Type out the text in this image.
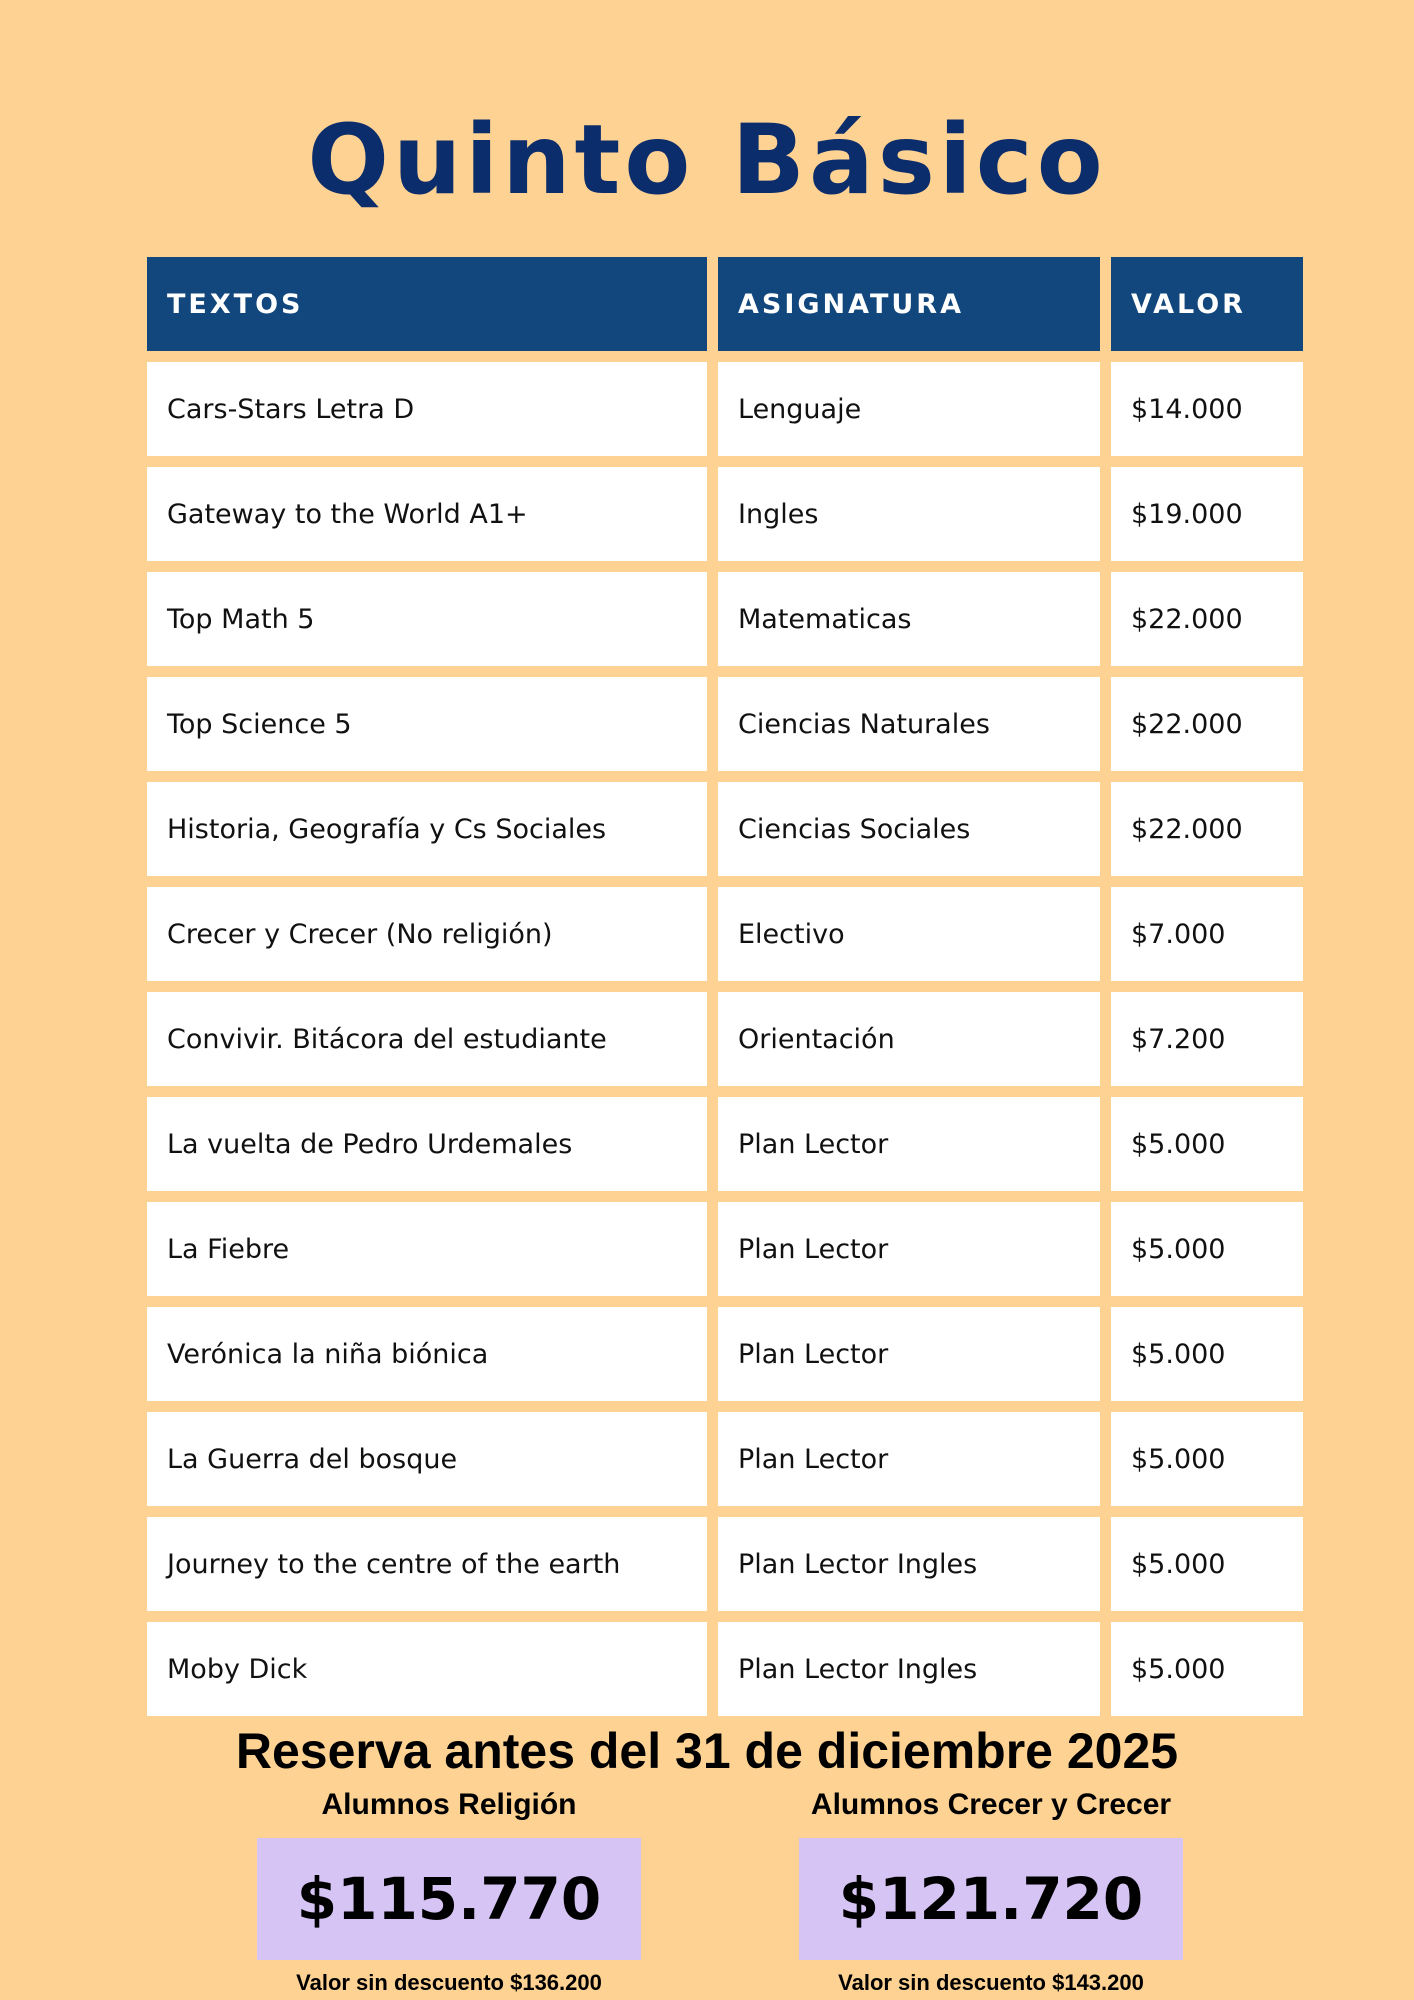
Quinto Básico
TEXTOS	ASIGNATURA	VALOR
Cars-Stars Letra D	Lenguaje	$14.000
Gateway to the World A1+	Ingles	$19.000
Top Math 5	Matematicas	$22.000
Top Science 5	Ciencias Naturales	$22.000
Historia, Geografía y Cs Sociales	Ciencias Sociales	$22.000
Crecer y Crecer (No religión)	Electivo	$7.000
Convivir. Bitácora del estudiante	Orientación	$7.200
La vuelta de Pedro Urdemales	Plan Lector	$5.000
La Fiebre	Plan Lector	$5.000
Verónica la niña biónica	Plan Lector	$5.000
La Guerra del bosque	Plan Lector	$5.000
Journey to the centre of the earth	Plan Lector Ingles	$5.000
Moby Dick	Plan Lector Ingles	$5.000
Reserva antes del 31 de diciembre 2025
Alumnos Religión
$115.770
Valor sin descuento $136.200
Alumnos Crecer y Crecer
$121.720
Valor sin descuento $143.200
